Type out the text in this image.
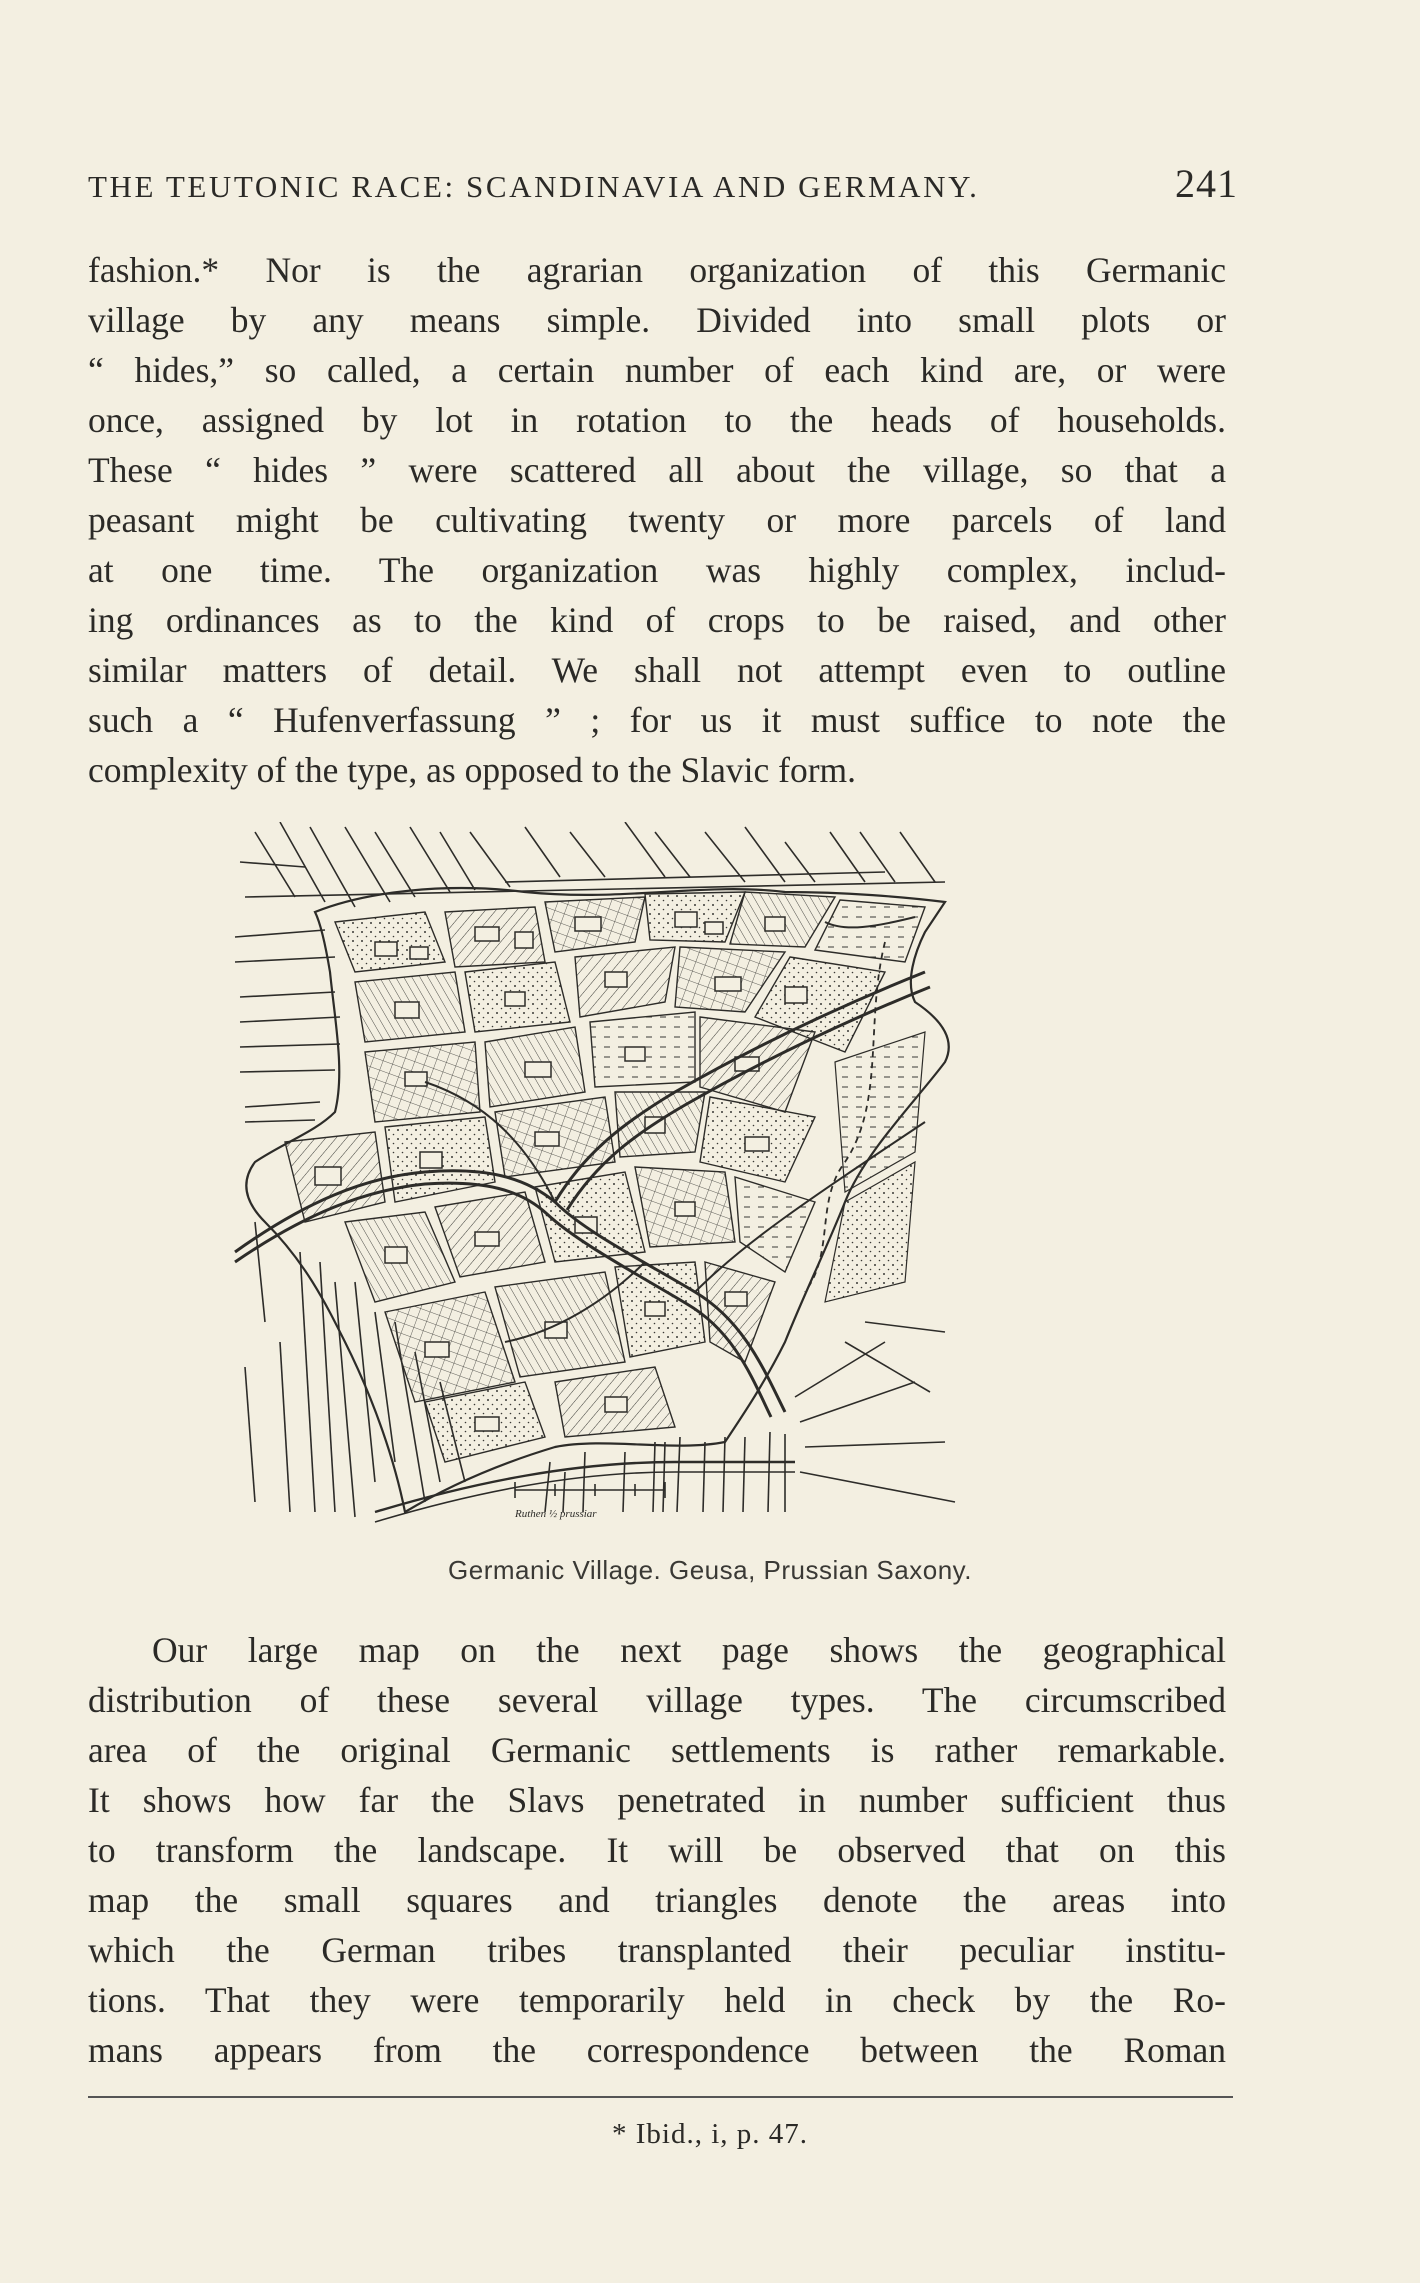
THE TEUTONIC RACE: SCANDINAVIA AND GERMANY.	241
fashion.* Nor is the agrarian organization of this Germanic
village by any means simple. Divided into small plots or
“ hides,” so called, a certain number of each kind are, or were
once, assigned by lot in rotation to the heads of households.
These “ hides ” were scattered all about the village, so that a
peasant might be cultivating twenty or more parcels of land
at one time. The organization was highly complex, includ-
ing ordinances as to the kind of crops to be raised, and other
similar matters of detail. We shall not attempt even to outline
such a “ Hufenverfassung ” ; for us it must suffice to note the
complexity of the type, as opposed to the Slavic form.
Ruthen ½ prussiar
Germanic Village. Geusa, Prussian Saxony.
Our large map on the next page shows the geographical
distribution of these several village types. The circumscribed
area of the original Germanic settlements is rather remarkable.
It shows how far the Slavs penetrated in number sufficient thus
to transform the landscape. It will be observed that on this
map the small squares and triangles denote the areas into
which the German tribes transplanted their peculiar institu-
tions. That they were temporarily held in check by the Ro-
mans appears from the correspondence between the Roman
* Ibid., i, p. 47.
